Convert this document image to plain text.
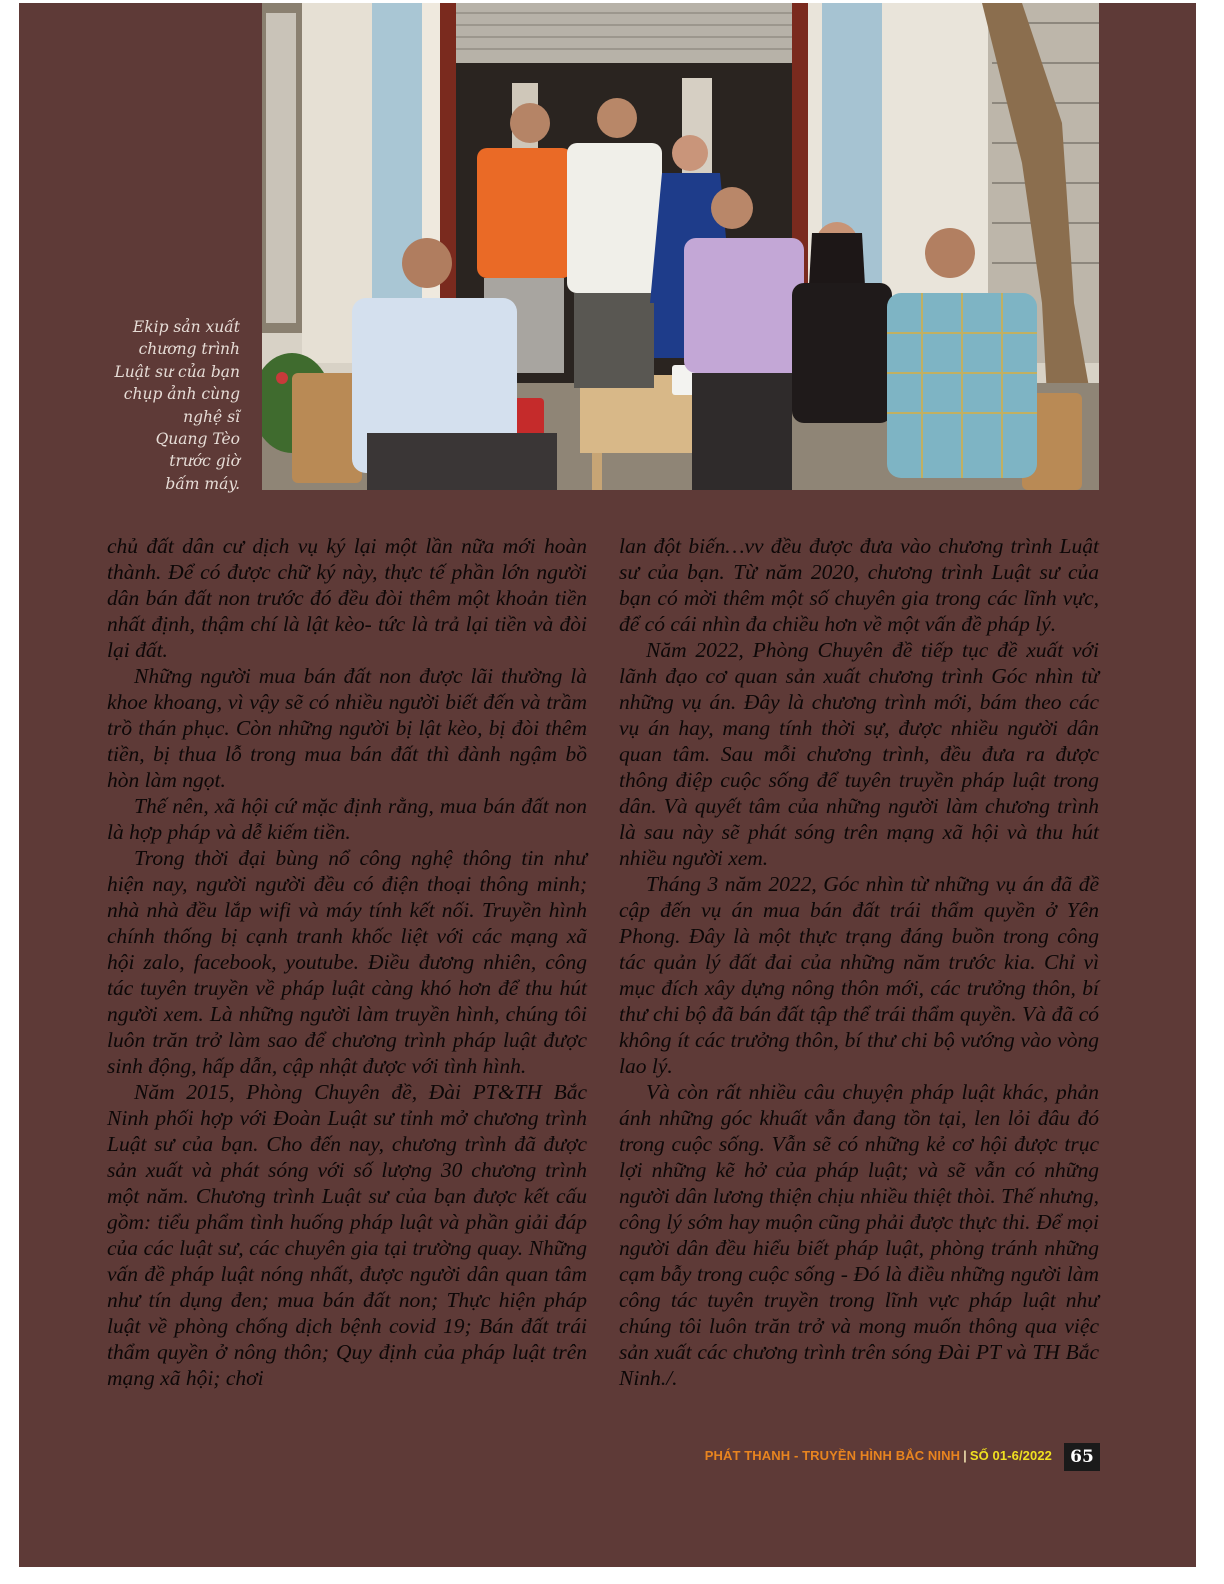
Ekip sản xuất
chương trình
Luật sư của bạn
chụp ảnh cùng
nghệ sĩ
Quang Tèo
trước giờ
bấm máy.

chủ đất dân cư dịch vụ ký lại một lần nữa mới hoàn thành. Để có được chữ ký này, thực tế phần lớn người dân bán đất non trước đó đều đòi thêm một khoản tiền nhất định, thậm chí là lật kèo- tức là trả lại tiền và đòi lại đất.

Những người mua bán đất non được lãi thường là khoe khoang, vì vậy sẽ có nhiều người biết đến và trầm trồ thán phục. Còn những người bị lật kèo, bị đòi thêm tiền, bị thua lỗ trong mua bán đất thì đành ngậm bồ hòn làm ngọt.

Thế nên, xã hội cứ mặc định rằng, mua bán đất non là hợp pháp và dễ kiếm tiền.

Trong thời đại bùng nổ công nghệ thông tin như hiện nay, người người đều có điện thoại thông minh; nhà nhà đều lắp wifi và máy tính kết nối. Truyền hình chính thống bị cạnh tranh khốc liệt với các mạng xã hội zalo, facebook, youtube. Điều đương nhiên, công tác tuyên truyền về pháp luật càng khó hơn để thu hút người xem. Là những người làm truyền hình, chúng tôi luôn trăn trở làm sao để chương trình pháp luật được sinh động, hấp dẫn, cập nhật được với tình hình.

Năm 2015, Phòng Chuyên đề, Đài PT&TH Bắc Ninh phối hợp với Đoàn Luật sư tỉnh mở chương trình Luật sư của bạn. Cho đến nay, chương trình đã được sản xuất và phát sóng với số lượng 30 chương trình một năm. Chương trình Luật sư của bạn được kết cấu gồm: tiểu phẩm tình huống pháp luật và phần giải đáp của các luật sư, các chuyên gia tại trường quay. Những vấn đề pháp luật nóng nhất, được người dân quan tâm như tín dụng đen; mua bán đất non; Thực hiện pháp luật về phòng chống dịch bệnh covid 19; Bán đất trái thẩm quyền ở nông thôn; Quy định của pháp luật trên mạng xã hội; chơi

lan đột biến…vv đều được đưa vào chương trình Luật sư của bạn. Từ năm 2020, chương trình Luật sư của bạn có mời thêm một số chuyên gia trong các lĩnh vực, để có cái nhìn đa chiều hơn về một vấn đề pháp lý.

Năm 2022, Phòng Chuyên đề tiếp tục đề xuất với lãnh đạo cơ quan sản xuất chương trình Góc nhìn từ những vụ án. Đây là chương trình mới, bám theo các vụ án hay, mang tính thời sự, được nhiều người dân quan tâm. Sau mỗi chương trình, đều đưa ra được thông điệp cuộc sống để tuyên truyền pháp luật trong dân. Và quyết tâm của những người làm chương trình là sau này sẽ phát sóng trên mạng xã hội và thu hút nhiều người xem.

Tháng 3 năm 2022, Góc nhìn từ những vụ án đã đề cập đến vụ án mua bán đất trái thẩm quyền ở Yên Phong. Đây là một thực trạng đáng buồn trong công tác quản lý đất đai của những năm trước kia. Chỉ vì mục đích xây dựng nông thôn mới, các trưởng thôn, bí thư chi bộ đã bán đất tập thể trái thẩm quyền. Và đã có không ít các trưởng thôn, bí thư chi bộ vướng vào vòng lao lý.

Và còn rất nhiều câu chuyện pháp luật khác, phản ánh những góc khuất vẫn đang tồn tại, len lỏi đâu đó trong cuộc sống. Vẫn sẽ có những kẻ cơ hội được trục lợi những kẽ hở của pháp luật; và sẽ vẫn có những người dân lương thiện chịu nhiều thiệt thòi. Thế nhưng, công lý sớm hay muộn cũng phải được thực thi. Để mọi người dân đều hiểu biết pháp luật, phòng tránh những cạm bẫy trong cuộc sống - Đó là điều những người làm công tác tuyên truyền trong lĩnh vực pháp luật như chúng tôi luôn trăn trở và mong muốn thông qua việc sản xuất các chương trình trên sóng Đài PT và TH Bắc Ninh./.

PHÁT THANH - TRUYỀN HÌNH BẮC NINH | SỐ 01-6/2022	65
